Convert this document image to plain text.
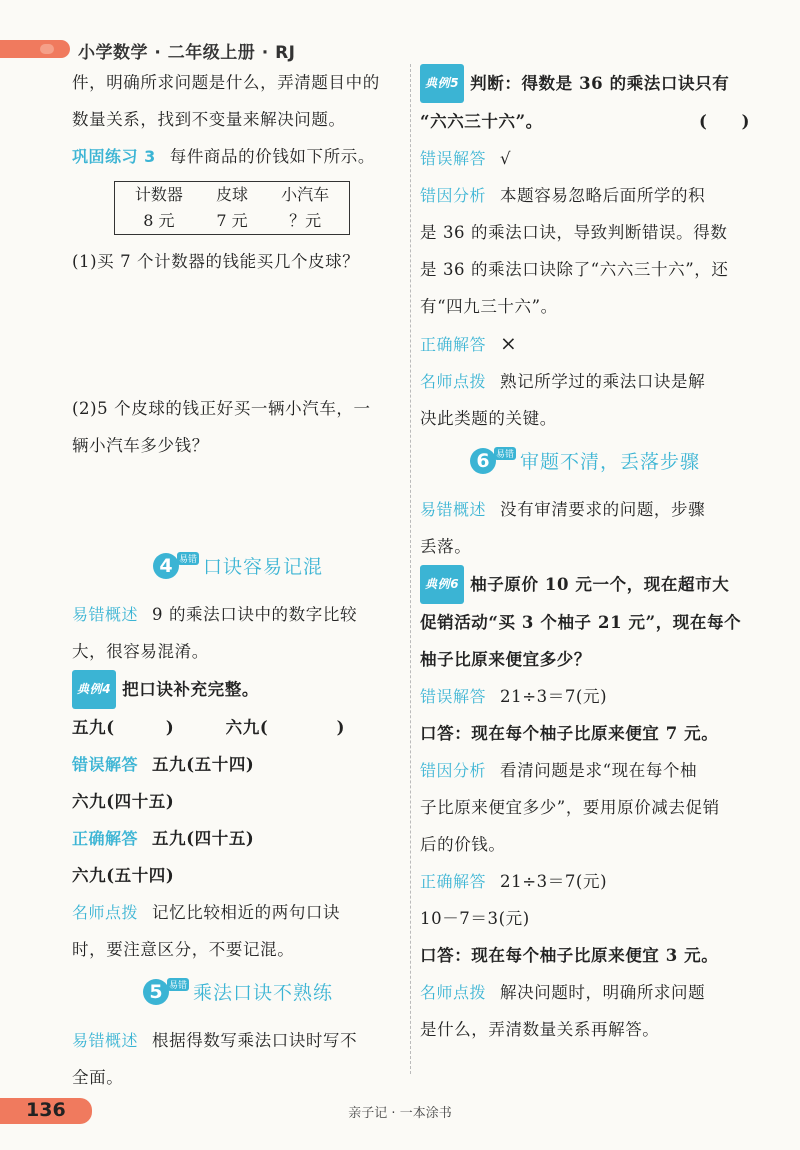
小学数学 · 二年级上册 · RJ

件，明确所求问题是什么，弄清题目中的

数量关系，找到不变量来解决问题。

巩固练习 3 每件商品的价钱如下所示。

计数器	皮球	小汽车
8 元	7 元	？元

(1)买 7 个计数器的钱能买几个皮球？

(2)5 个皮球的钱正好买一辆小汽车，一

辆小汽车多少钱？

4 易错 口诀容易记混

易错概述 9 的乘法口诀中的数字比较

大，很容易混淆。

典例4 把口诀补充完整。

五九(　　　)　　　六九(　　　　)

错误解答 五九(五十四)

六九(四十五)

正确解答 五九(四十五)

六九(五十四)

名师点拨 记忆比较相近的两句口诀

时，要注意区分，不要记混。

5 易错 乘法口诀不熟练

易错概述 根据得数写乘法口诀时写不

全面。

典例5 判断：得数是 36 的乘法口诀只有

“六六三十六”。	(　　)

错误解答 √

错因分析 本题容易忽略后面所学的积

是 36 的乘法口诀，导致判断错误。得数

是 36 的乘法口诀除了“六六三十六”，还

有“四九三十六”。

正确解答 ×

名师点拨 熟记所学过的乘法口诀是解

决此类题的关键。

6 易错 审题不清，丢落步骤

易错概述 没有审清要求的问题，步骤

丢落。

典例6 柚子原价 10 元一个，现在超市大

促销活动“买 3 个柚子 21 元”，现在每个

柚子比原来便宜多少？

错误解答 21÷3＝7(元)

口答：现在每个柚子比原来便宜 7 元。

错因分析 看清问题是求“现在每个柚

子比原来便宜多少”，要用原价减去促销

后的价钱。

正确解答 21÷3＝7(元)

10－7＝3(元)

口答：现在每个柚子比原来便宜 3 元。

名师点拨 解决问题时，明确所求问题

是什么，弄清数量关系再解答。

136	亲子记 · 一本涂书
